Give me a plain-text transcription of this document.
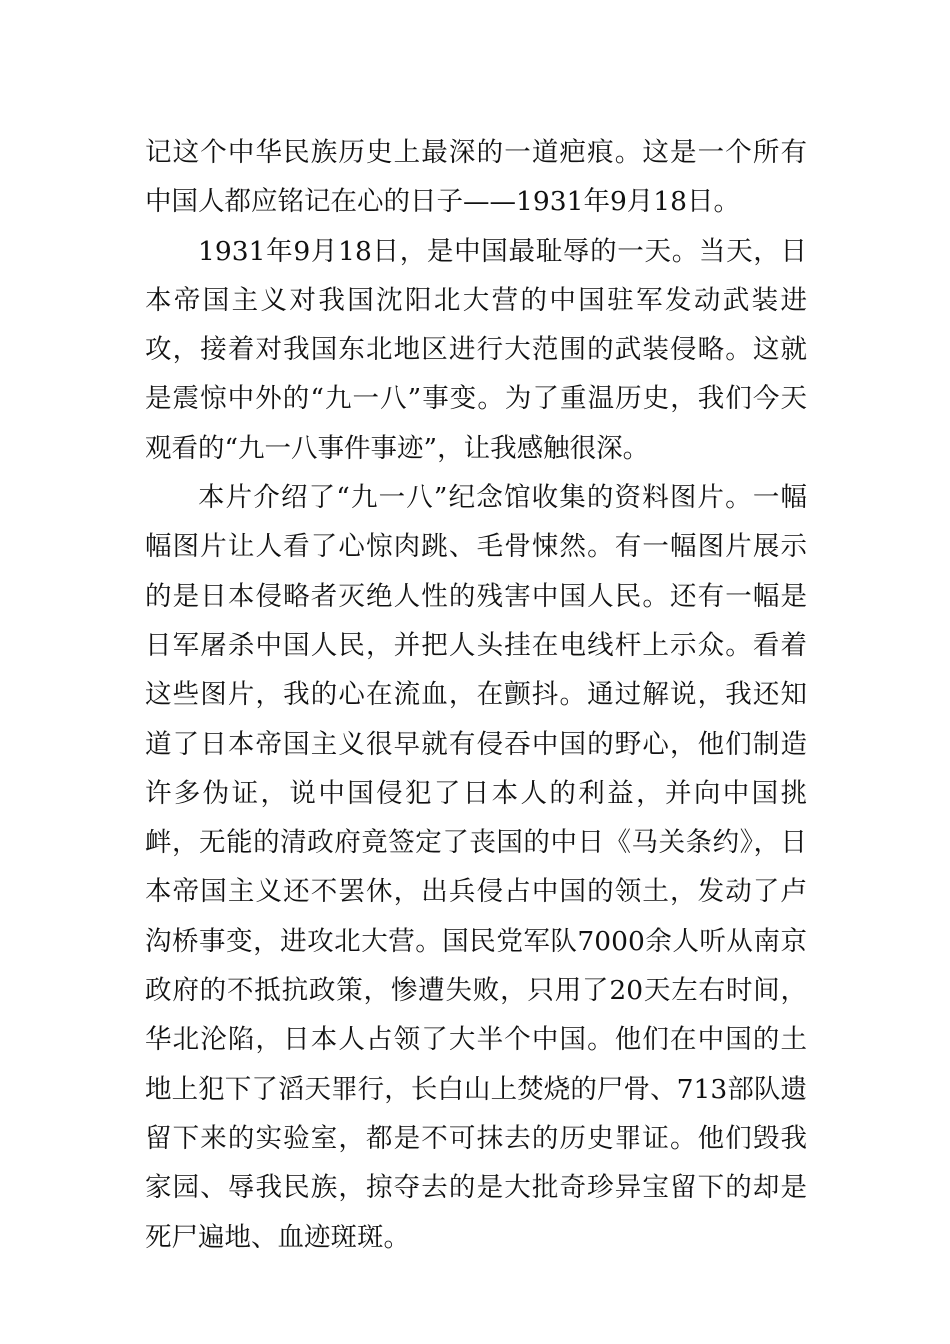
记这个中华民族历史上最深的一道疤痕。这是一个所有中国人都应铭记在心的日子——1931年9月18日。

1931年9月18日，是中国最耻辱的一天。当天，日本帝国主义对我国沈阳北大营的中国驻军发动武装进攻，接着对我国东北地区进行大范围的武装侵略。这就是震惊中外的“九一八”事变。为了重温历史，我们今天观看的“九一八事件事迹”，让我感触很深。

本片介绍了“九一八”纪念馆收集的资料图片。一幅幅图片让人看了心惊肉跳、毛骨悚然。有一幅图片展示的是日本侵略者灭绝人性的残害中国人民。还有一幅是日军屠杀中国人民，并把人头挂在电线杆上示众。看着这些图片，我的心在流血，在颤抖。通过解说，我还知道了日本帝国主义很早就有侵吞中国的野心，他们制造许多伪证，说中国侵犯了日本人的利益，并向中国挑衅，无能的清政府竟签定了丧国的中日《马关条约》，日本帝国主义还不罢休，出兵侵占中国的领土，发动了卢沟桥事变，进攻北大营。国民党军队7000余人听从南京政府的不抵抗政策，惨遭失败，只用了20天左右时间，华北沦陷，日本人占领了大半个中国。他们在中国的土地上犯下了滔天罪行，长白山上焚烧的尸骨、713部队遗留下来的实验室，都是不可抹去的历史罪证。他们毁我家园、辱我民族，掠夺去的是大批奇珍异宝留下的却是死尸遍地、血迹斑斑。
